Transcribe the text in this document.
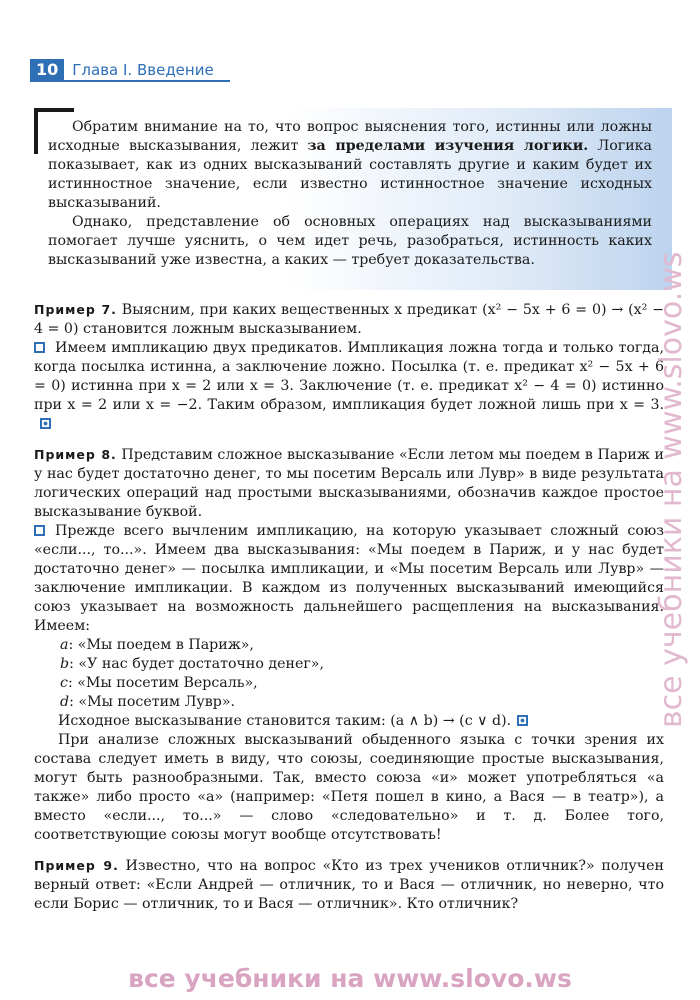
10 Глава I. Введение

Обратим внимание на то, что вопрос выяснения того, истинны или ложны исходные высказывания, лежит за пределами изучения логики. Логика показывает, как из одних высказываний составлять другие и каким будет их истинностное значение, если известно истинностное значение исходных высказываний.

Однако, представление об основных операциях над высказываниями помогает лучше уяснить, о чем идет речь, разобраться, истинность каких высказываний уже известна, а каких — требует доказательства.

Пример 7. Выясним, при каких вещественных x предикат (x² − 5x + 6 = 0) → (x² − 4 = 0) становится ложным высказыванием.

Имеем импликацию двух предикатов. Импликация ложна тогда и только тогда, когда посылка истинна, а заключение ложно. Посылка (т. е. предикат x² − 5x + 6 = 0) истинна при x = 2 или x = 3. Заключение (т. е. предикат x² − 4 = 0) истинно при x = 2 или x = −2. Таким образом, импликация будет ложной лишь при x = 3.

Пример 8. Представим сложное высказывание «Если летом мы поедем в Париж и у нас будет достаточно денег, то мы посетим Версаль или Лувр» в виде результата логических операций над простыми высказываниями, обозначив каждое простое высказывание буквой.

Прежде всего вычленим импликацию, на которую указывает сложный союз «если..., то...». Имеем два высказывания: «Мы поедем в Париж, и у нас будет достаточно денег» — посылка импликации, и «Мы посетим Версаль или Лувр» — заключение импликации. В каждом из полученных высказываний имеющийся союз указывает на возможность дальнейшего расщепления на высказывания. Имеем:

a: «Мы поедем в Париж»,
b: «У нас будет достаточно денег»,
c: «Мы посетим Версаль»,
d: «Мы посетим Лувр».

Исходное высказывание становится таким: (a ∧ b) → (c ∨ d).

При анализе сложных высказываний обыденного языка с точки зрения их состава следует иметь в виду, что союзы, соединяющие простые высказывания, могут быть разнообразными. Так, вместо союза «и» может употребляться «а также» либо просто «а» (например: «Петя пошел в кино, а Вася — в театр»), а вместо «если..., то...» — слово «следовательно» и т. д. Более того, соответствующие союзы могут вообще отсутствовать!

Пример 9. Известно, что на вопрос «Кто из трех учеников отличник?» получен верный ответ: «Если Андрей — отличник, то и Вася — отличник, но неверно, что если Борис — отличник, то и Вася — отличник». Кто отличник?

все учебники на www.slovo.ws
все учебники на www.slovo.ws
